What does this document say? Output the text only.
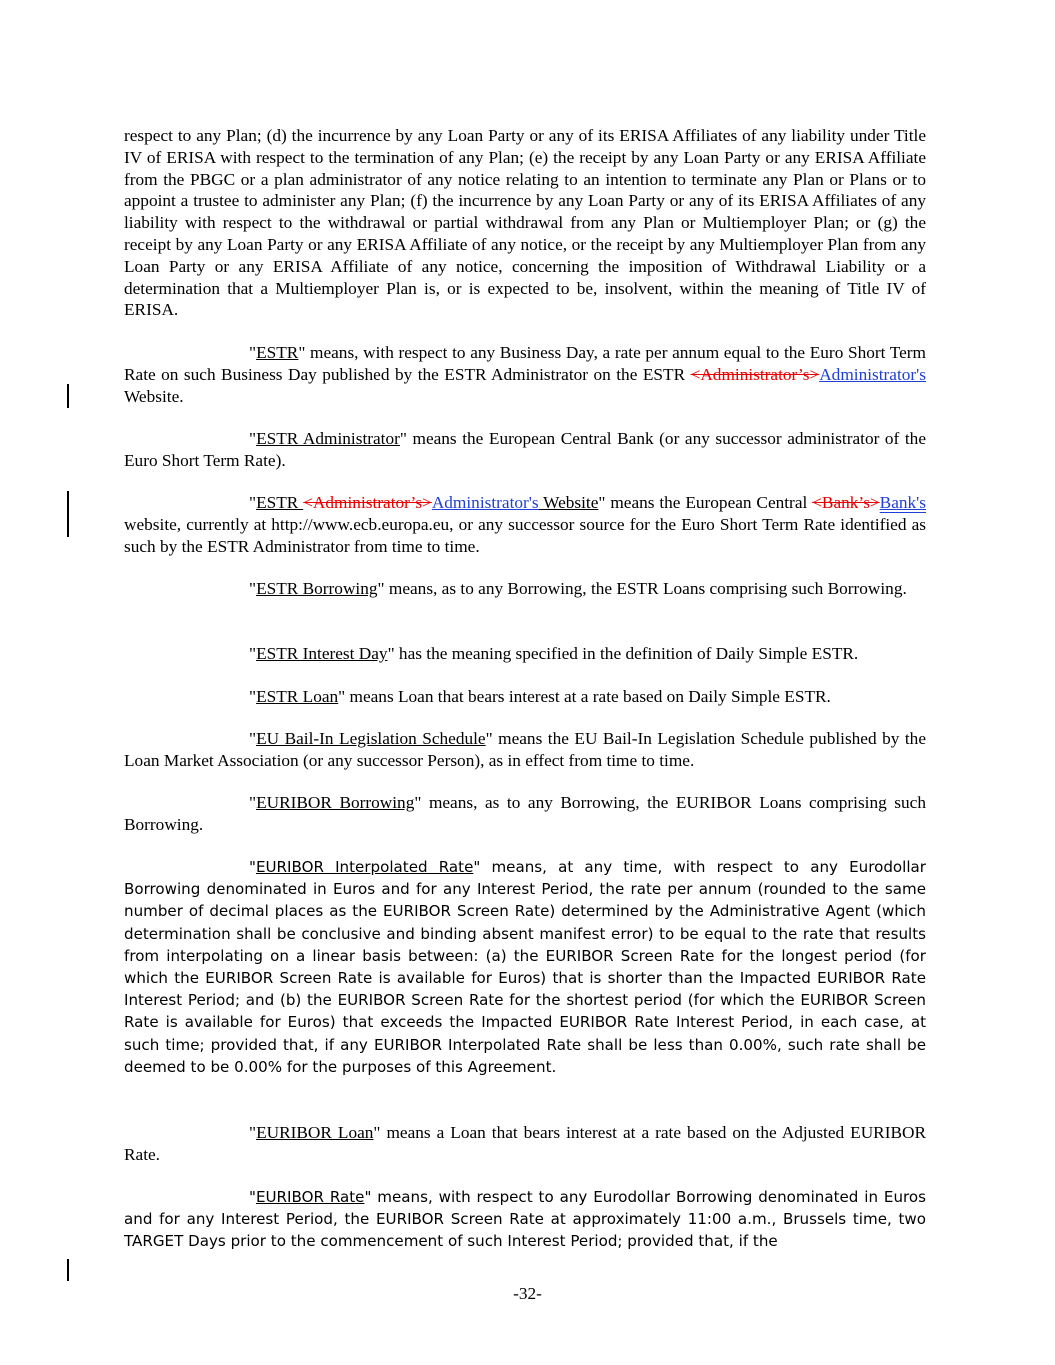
respect to any Plan; (d) the incurrence by any Loan Party or any of its ERISA Affiliates of any liability under Title IV of ERISA with respect to the termination of any Plan; (e) the receipt by any Loan Party or any ERISA Affiliate from the PBGC or a plan administrator of any notice relating to an intention to terminate any Plan or Plans or to appoint a trustee to administer any Plan; (f) the incurrence by any Loan Party or any of its ERISA Affiliates of any liability with respect to the withdrawal or partial withdrawal from any Plan or Multiemployer Plan; or (g) the receipt by any Loan Party or any ERISA Affiliate of any notice, or the receipt by any Multiemployer Plan from any Loan Party or any ERISA Affiliate of any notice, concerning the imposition of Withdrawal Liability or a determination that a Multiemployer Plan is, or is expected to be, insolvent, within the meaning of Title IV of ERISA.

"ESTR" means, with respect to any Business Day, a rate per annum equal to the Euro Short Term Rate on such Business Day published by the ESTR Administrator on the ESTR <Administrator’s>Administrator's Website.

"ESTR Administrator" means the European Central Bank (or any successor administrator of the Euro Short Term Rate).

"ESTR <Administrator’s>Administrator's Website" means the European Central <Bank’s>Bank's website, currently at http://www.ecb.europa.eu, or any successor source for the Euro Short Term Rate identified as such by the ESTR Administrator from time to time.

"ESTR Borrowing" means, as to any Borrowing, the ESTR Loans comprising such Borrowing.

"ESTR Interest Day" has the meaning specified in the definition of Daily Simple ESTR.

"ESTR Loan" means Loan that bears interest at a rate based on Daily Simple ESTR.

"EU Bail-In Legislation Schedule" means the EU Bail-In Legislation Schedule published by the Loan Market Association (or any successor Person), as in effect from time to time.

"EURIBOR Borrowing" means, as to any Borrowing, the EURIBOR Loans comprising such Borrowing.

"EURIBOR Interpolated Rate" means, at any time, with respect to any Eurodollar Borrowing denominated in Euros and for any Interest Period, the rate per annum (rounded to the same number of decimal places as the EURIBOR Screen Rate) determined by the Administrative Agent (which determination shall be conclusive and binding absent manifest error) to be equal to the rate that results from interpolating on a linear basis between: (a) the EURIBOR Screen Rate for the longest period (for which the EURIBOR Screen Rate is available for Euros) that is shorter than the Impacted EURIBOR Rate Interest Period; and (b) the EURIBOR Screen Rate for the shortest period (for which the EURIBOR Screen Rate is available for Euros) that exceeds the Impacted EURIBOR Rate Interest Period, in each case, at such time; provided that, if any EURIBOR Interpolated Rate shall be less than 0.00%, such rate shall be deemed to be 0.00% for the purposes of this Agreement.

"EURIBOR Loan" means a Loan that bears interest at a rate based on the Adjusted EURIBOR Rate.

"EURIBOR Rate" means, with respect to any Eurodollar Borrowing denominated in Euros and for any Interest Period, the EURIBOR Screen Rate at approximately 11:00 a.m., Brussels time, two TARGET Days prior to the commencement of such Interest Period; provided that, if the

-32-
